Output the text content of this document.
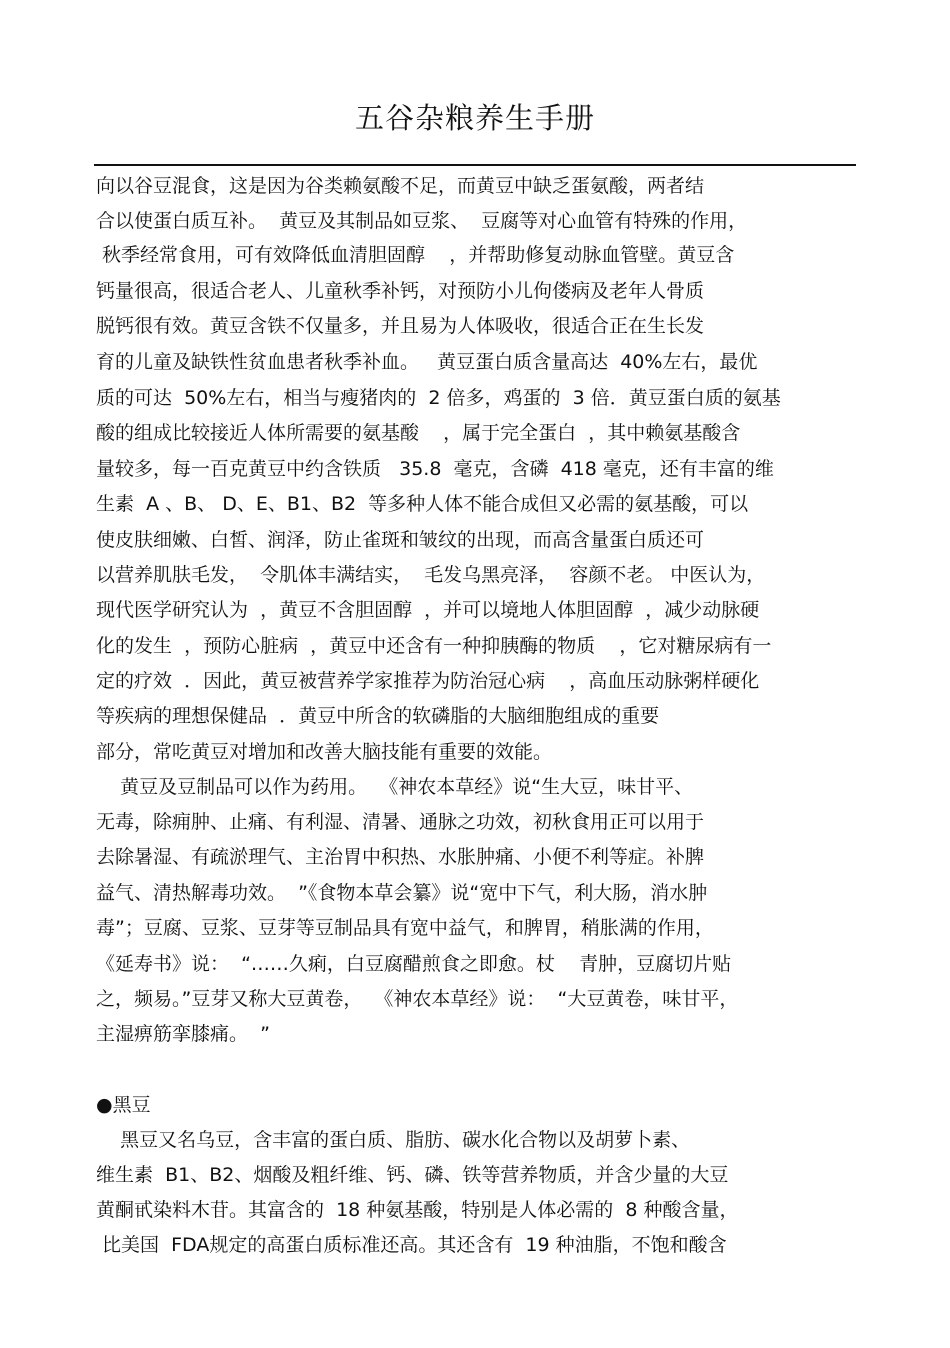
五谷杂粮养生手册
向以谷豆混食，这是因为谷类赖氨酸不足，而黄豆中缺乏蛋氨酸，两者结
合以使蛋白质互补。  黄豆及其制品如豆浆、  豆腐等对心血管有特殊的作用，
秋季经常食用，可有效降低血清胆固醇    ，并帮助修复动脉血管壁。黄豆含
钙量很高，很适合老人、儿童秋季补钙，对预防小儿佝偻病及老年人骨质
脱钙很有效。黄豆含铁不仅量多，并且易为人体吸收，很适合正在生长发
育的儿童及缺铁性贫血患者秋季补血。   黄豆蛋白质含量高达  40%左右，最优
质的可达  50%左右，相当与瘦猪肉的  2 倍多，鸡蛋的  3 倍．黄豆蛋白质的氨基
酸的组成比较接近人体所需要的氨基酸    ，属于完全蛋白  ，其中赖氨基酸含
量较多，每一百克黄豆中约含铁质   35.8  毫克，含磷  418 毫克，还有丰富的维
生素  A 、B、 D、E、B1、B2  等多种人体不能合成但又必需的氨基酸，可以
使皮肤细嫩、白皙、润泽，防止雀斑和皱纹的出现，而高含量蛋白质还可
以营养肌肤毛发，  令肌体丰满结实，  毛发乌黑亮泽，  容颜不老。 中医认为，
现代医学研究认为  ，黄豆不含胆固醇  ，并可以境地人体胆固醇  ，减少动脉硬
化的发生  ，预防心脏病  ，黄豆中还含有一种抑胰酶的物质    ，它对糖尿病有一
定的疗效  ．因此，黄豆被营养学家推荐为防治冠心病    ，高血压动脉粥样硬化
等疾病的理想保健品  ．黄豆中所含的软磷脂的大脑细胞组成的重要
部分，常吃黄豆对增加和改善大脑技能有重要的效能。
黄豆及豆制品可以作为药用。  《神农本草经》说“生大豆，味甘平、
无毒，除痈肿、止痛、有利湿、清暑、通脉之功效，初秋食用正可以用于
去除暑湿、有疏淤理气、主治胃中积热、水胀肿痛、小便不利等症。补脾
益气、清热解毒功效。  ”《食物本草会纂》说“宽中下气，利大肠，消水肿
毒”；豆腐、豆浆、豆芽等豆制品具有宽中益气，和脾胃，稍胀满的作用，
《延寿书》说：  “……久痢，白豆腐醋煎食之即愈。杖    青肿，豆腐切片贴
之，频易。”豆芽又称大豆黄卷，  《神农本草经》说：  “大豆黄卷，味甘平，
主湿痹筋挛膝痛。  ”
●黑豆
黑豆又名乌豆，含丰富的蛋白质、脂肪、碳水化合物以及胡萝卜素、
维生素  B1、B2、烟酸及粗纤维、钙、磷、铁等营养物质，并含少量的大豆
黄酮甙染料木苷。其富含的  18 种氨基酸，特别是人体必需的  8 种酸含量，
比美国  FDA规定的高蛋白质标准还高。其还含有  19 种油脂，不饱和酸含
